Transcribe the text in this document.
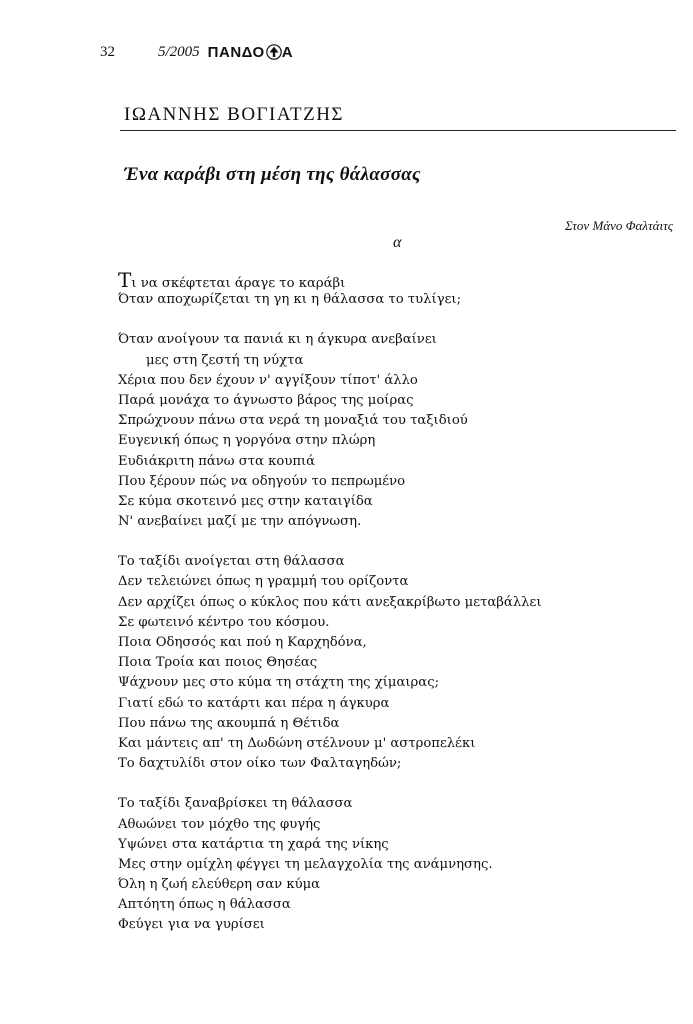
32	5/2005 ΠΑΝΔΟ Α
ΙΩΑΝΝΗΣ ΒΟΓΙΑΤΖΗΣ
Ένα καράβι στη μέση της θάλασσας
Στον Μάνο Φαλτάιτς
α
Τι να σκέφτεται άραγε το καράβι
Όταν αποχωρίζεται τη γη κι η θάλασσα το τυλίγει;
Όταν ανοίγουν τα πανιά κι η άγκυρα ανεβαίνει
μες στη ζεστή τη νύχτα
Χέρια που δεν έχουν ν' αγγίξουν τίποτ' άλλο
Παρά μονάχα το άγνωστο βάρος της μοίρας
Σπρώχνουν πάνω στα νερά τη μοναξιά του ταξιδιού
Ευγενική όπως η γοργόνα στην πλώρη
Ευδιάκριτη πάνω στα κουπιά
Που ξέρουν πώς να οδηγούν το πεπρωμένο
Σε κύμα σκοτεινό μες στην καταιγίδα
Ν' ανεβαίνει μαζί με την απόγνωση.
Το ταξίδι ανοίγεται στη θάλασσα
Δεν τελειώνει όπως η γραμμή του ορίζοντα
Δεν αρχίζει όπως ο κύκλος που κάτι ανεξακρίβωτο μεταβάλλει
Σε φωτεινό κέντρο του κόσμου.
Ποια Οδησσός και πού η Καρχηδόνα,
Ποια Τροία και ποιος Θησέας
Ψάχνουν μες στο κύμα τη στάχτη της χίμαιρας;
Γιατί εδώ το κατάρτι και πέρα η άγκυρα
Που πάνω της ακουμπά η Θέτιδα
Και μάντεις απ' τη Δωδώνη στέλνουν μ' αστροπελέκι
Το δαχτυλίδι στον οίκο των Φαλταγηδών;
Το ταξίδι ξαναβρίσκει τη θάλασσα
Αθωώνει τον μόχθο της φυγής
Υψώνει στα κατάρτια τη χαρά της νίκης
Μες στην ομίχλη φέγγει τη μελαγχολία της ανάμνησης.
Όλη η ζωή ελεύθερη σαν κύμα
Απτόητη όπως η θάλασσα
Φεύγει για να γυρίσει
